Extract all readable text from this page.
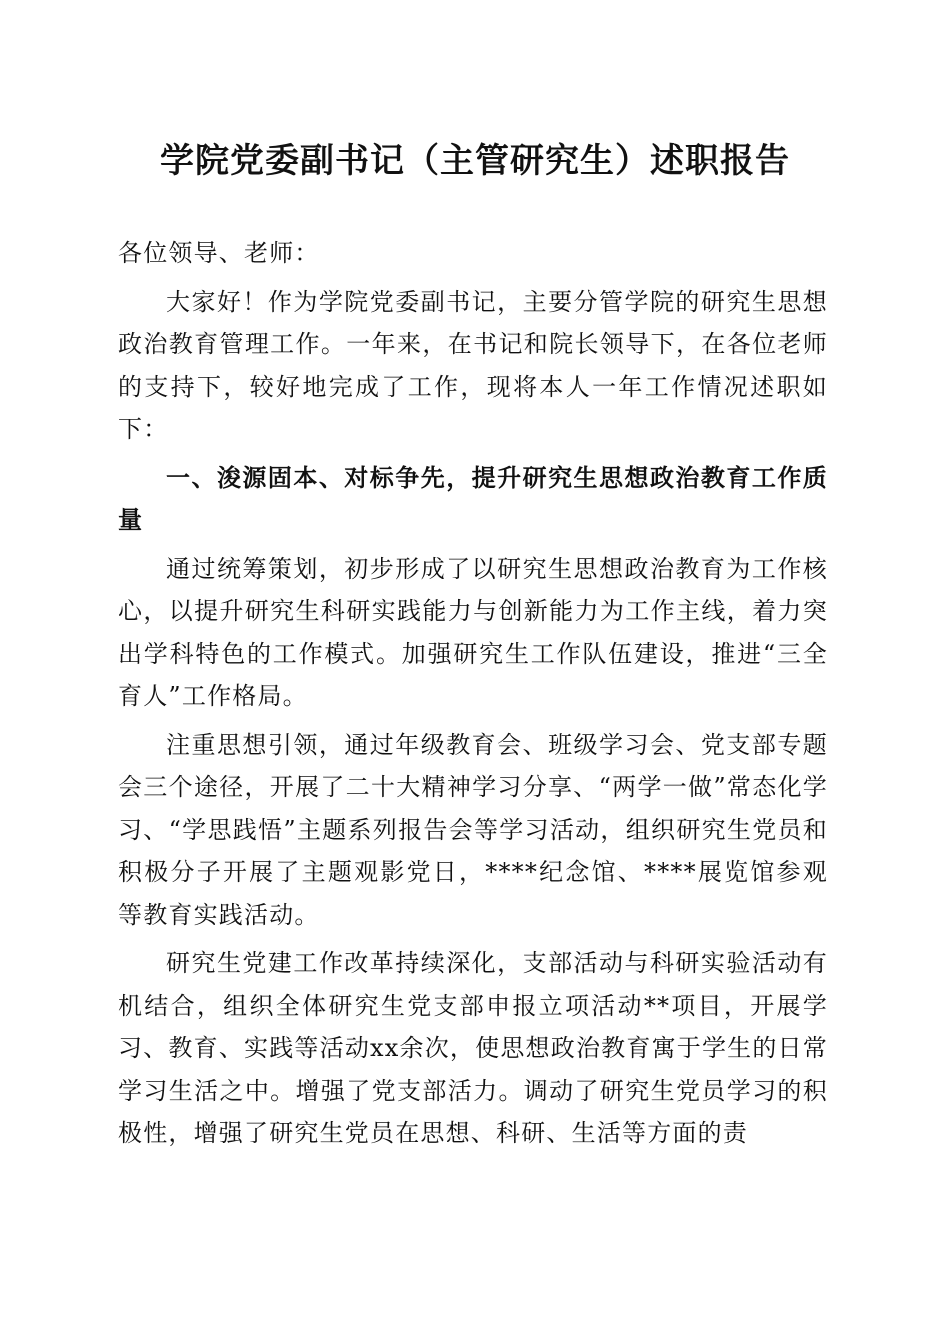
学院党委副书记（主管研究生）述职报告

各位领导、老师：

大家好！作为学院党委副书记，主要分管学院的研究生思想政治教育管理工作。一年来，在书记和院长领导下，在各位老师的支持下，较好地完成了工作，现将本人一年工作情况述职如下：

一、浚源固本、对标争先，提升研究生思想政治教育工作质量

通过统筹策划，初步形成了以研究生思想政治教育为工作核心，以提升研究生科研实践能力与创新能力为工作主线，着力突出学科特色的工作模式。加强研究生工作队伍建设，推进“三全育人”工作格局。

注重思想引领，通过年级教育会、班级学习会、党支部专题会三个途径，开展了二十大精神学习分享、“两学一做”常态化学习、“学思践悟”主题系列报告会等学习活动，组织研究生党员和积极分子开展了主题观影党日，****纪念馆、****展览馆参观等教育实践活动。

研究生党建工作改革持续深化，支部活动与科研实验活动有机结合，组织全体研究生党支部申报立项活动**项目，开展学习、教育、实践等活动xx余次，使思想政治教育寓于学生的日常学习生活之中。增强了党支部活力。调动了研究生党员学习的积极性，增强了研究生党员在思想、科研、生活等方面的责
